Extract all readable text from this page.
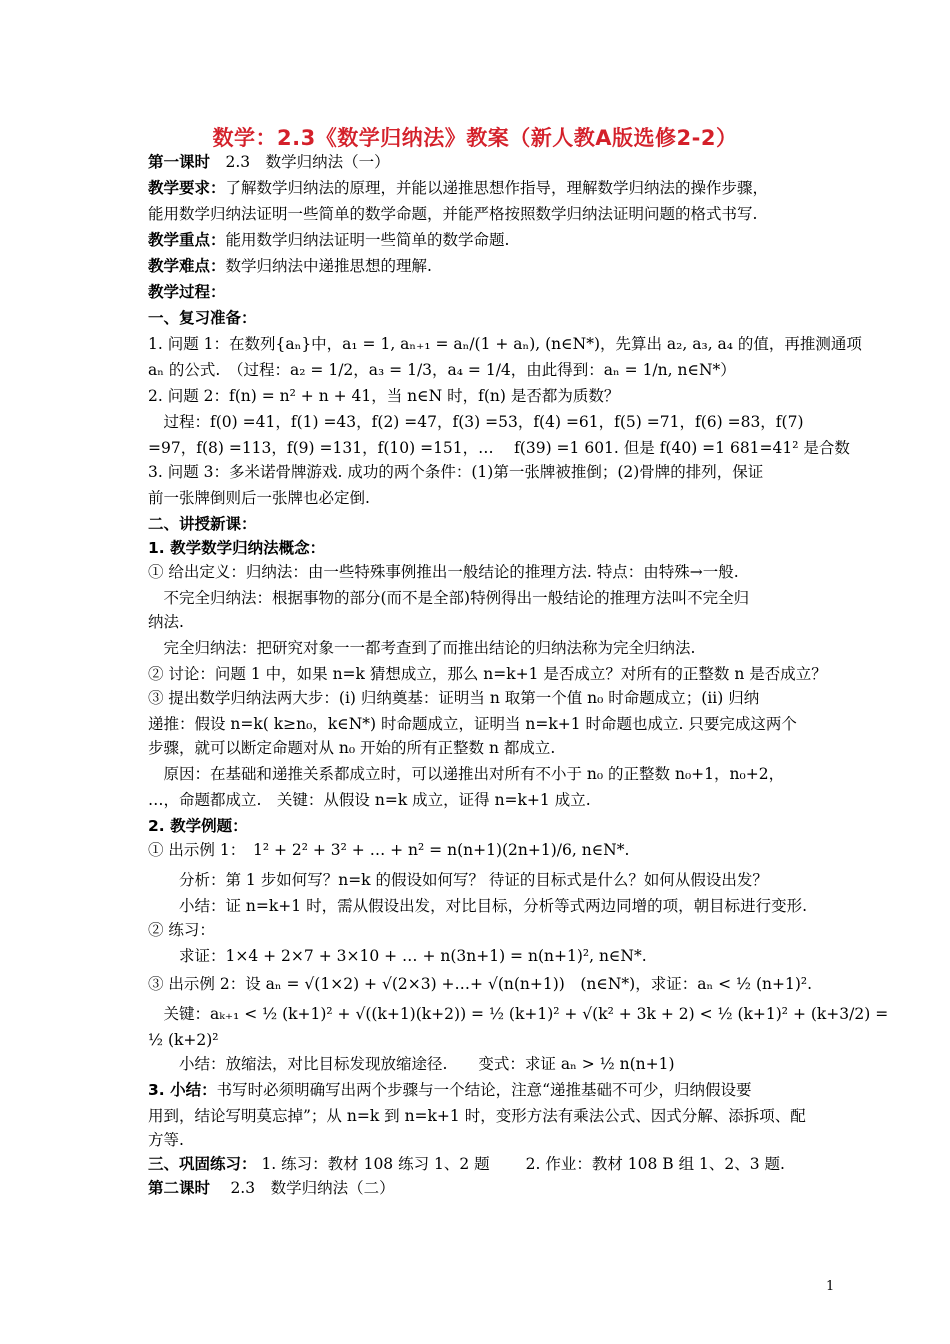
数学：2.3《数学归纳法》教案（新人教A版选修2-2）
第一课时　2.3　数学归纳法（一）
教学要求：了解数学归纳法的原理，并能以递推思想作指导，理解数学归纳法的操作步骤，
能用数学归纳法证明一些简单的数学命题，并能严格按照数学归纳法证明问题的格式书写.
教学重点：能用数学归纳法证明一些简单的数学命题.
教学难点：数学归纳法中递推思想的理解.
教学过程：
一、复习准备：
1. 问题 1：在数列{aₙ}中，a₁ = 1, aₙ₊₁ = aₙ/(1 + aₙ), (n∈N*)，先算出 a₂, a₃, a₄ 的值，再推测通项
aₙ 的公式.　（过程：a₂ = 1/2，a₃ = 1/3，a₄ = 1/4，由此得到：aₙ = 1/n, n∈N*）
2. 问题 2：f(n) = n² + n + 41，当 n∈N 时，f(n) 是否都为质数？
　过程：f(0) =41，f(1) =43，f(2) =47，f(3) =53，f(4) =61，f(5) =71，f(6) =83，f(7)
=97，f(8) =113，f(9) =131，f(10) =151，…　 f(39) =1 601. 但是 f(40) =1 681=41² 是合数
3. 问题 3：多米诺骨牌游戏. 成功的两个条件：(1)第一张牌被推倒；(2)骨牌的排列，保证
前一张牌倒则后一张牌也必定倒.
二、讲授新课：
1. 教学数学归纳法概念：
① 给出定义：归纳法：由一些特殊事例推出一般结论的推理方法. 特点：由特殊→一般.
　不完全归纳法：根据事物的部分(而不是全部)特例得出一般结论的推理方法叫不完全归
纳法.
　完全归纳法：把研究对象一一都考查到了而推出结论的归纳法称为完全归纳法.
② 讨论：问题 1 中，如果 n=k 猜想成立，那么 n=k+1 是否成立？对所有的正整数 n 是否成立？
③ 提出数学归纳法两大步：(i) 归纳奠基：证明当 n 取第一个值 n₀ 时命题成立；(ii) 归纳
递推：假设 n=k( k≥n₀，k∈N*) 时命题成立，证明当 n=k+1 时命题也成立. 只要完成这两个
步骤，就可以断定命题对从 n₀ 开始的所有正整数 n 都成立.
　原因：在基础和递推关系都成立时，可以递推出对所有不小于 n₀ 的正整数 n₀+1，n₀+2，
…，命题都成立.　关键：从假设 n=k 成立，证得 n=k+1 成立.
2. 教学例题：
① 出示例 1：　1² + 2² + 3² + … + n² = n(n+1)(2n+1)/6, n∈N*.
　　分析：第 1 步如何写？n=k 的假设如何写？ 待证的目标式是什么？如何从假设出发？
　　小结：证 n=k+1 时，需从假设出发，对比目标，分析等式两边同增的项，朝目标进行变形.
② 练习：
　　求证：1×4 + 2×7 + 3×10 + … + n(3n+1) = n(n+1)², n∈N*.
③ 出示例 2：设 aₙ = √(1×2) + √(2×3) +…+ √(n(n+1))　(n∈N*)，求证：aₙ < ½ (n+1)².
　关键：aₖ₊₁ < ½ (k+1)² + √((k+1)(k+2)) = ½ (k+1)² + √(k² + 3k + 2) < ½ (k+1)² + (k+3/2) =
½ (k+2)²
　　小结：放缩法，对比目标发现放缩途径.　　变式：求证 aₙ > ½ n(n+1)
3. 小结：书写时必须明确写出两个步骤与一个结论，注意“递推基础不可少，归纳假设要
用到，结论写明莫忘掉”；从 n=k 到 n=k+1 时，变形方法有乘法公式、因式分解、添拆项、配
方等.
三、巩固练习： 1. 练习：教材 108 练习 1、2 题　　 2. 作业：教材 108 B 组 1、2、3 题.
第二课时　 2.3　数学归纳法（二）
1
